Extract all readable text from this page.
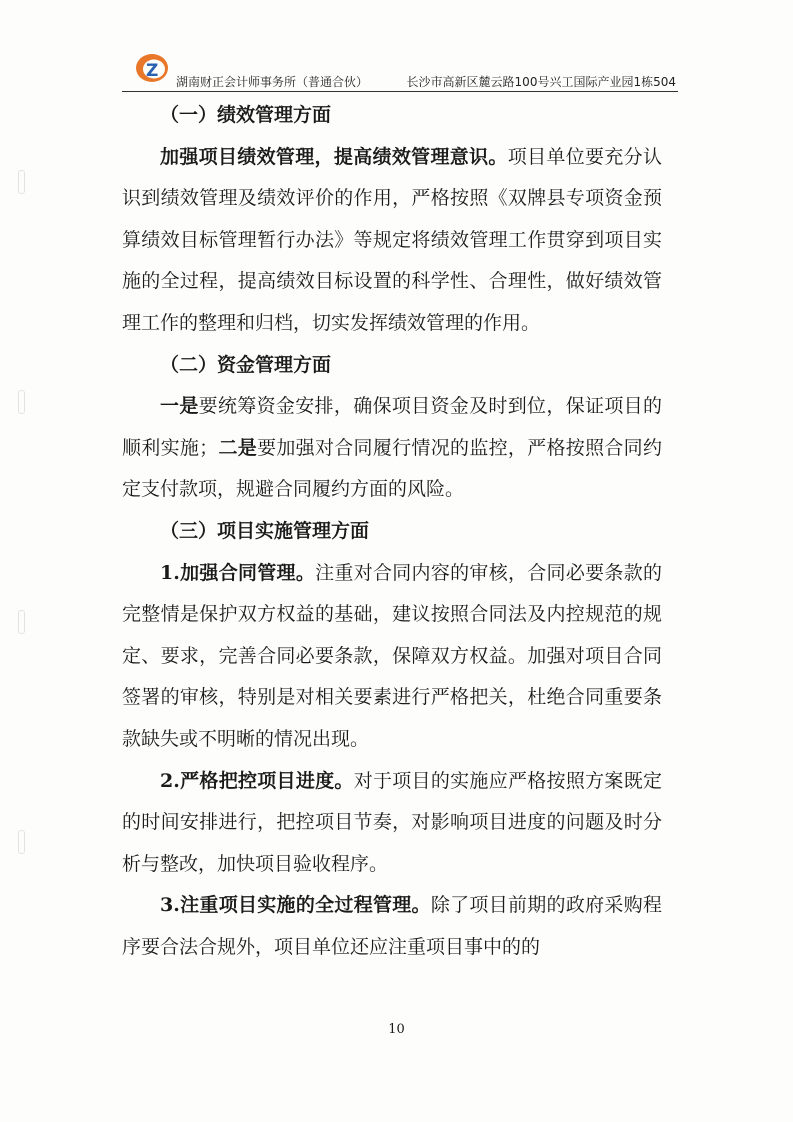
Z
湖南财正会计师事务所（普通合伙）	长沙市高新区麓云路100号兴工国际产业园1栋504

（一）绩效管理方面

加强项目绩效管理，提高绩效管理意识。项目单位要充分认识到绩效管理及绩效评价的作用，严格按照《双牌县专项资金预算绩效目标管理暂行办法》等规定将绩效管理工作贯穿到项目实施的全过程，提高绩效目标设置的科学性、合理性，做好绩效管理工作的整理和归档，切实发挥绩效管理的作用。

（二）资金管理方面

一是要统筹资金安排，确保项目资金及时到位，保证项目的顺利实施；二是要加强对合同履行情况的监控，严格按照合同约定支付款项，规避合同履约方面的风险。

（三）项目实施管理方面

1.加强合同管理。注重对合同内容的审核，合同必要条款的完整情是保护双方权益的基础，建议按照合同法及内控规范的规定、要求，完善合同必要条款，保障双方权益。加强对项目合同签署的审核，特别是对相关要素进行严格把关，杜绝合同重要条款缺失或不明晰的情况出现。

2.严格把控项目进度。对于项目的实施应严格按照方案既定的时间安排进行，把控项目节奏，对影响项目进度的问题及时分析与整改，加快项目验收程序。

3.注重项目实施的全过程管理。除了项目前期的政府采购程序要合法合规外，项目单位还应注重项目事中的的

10
